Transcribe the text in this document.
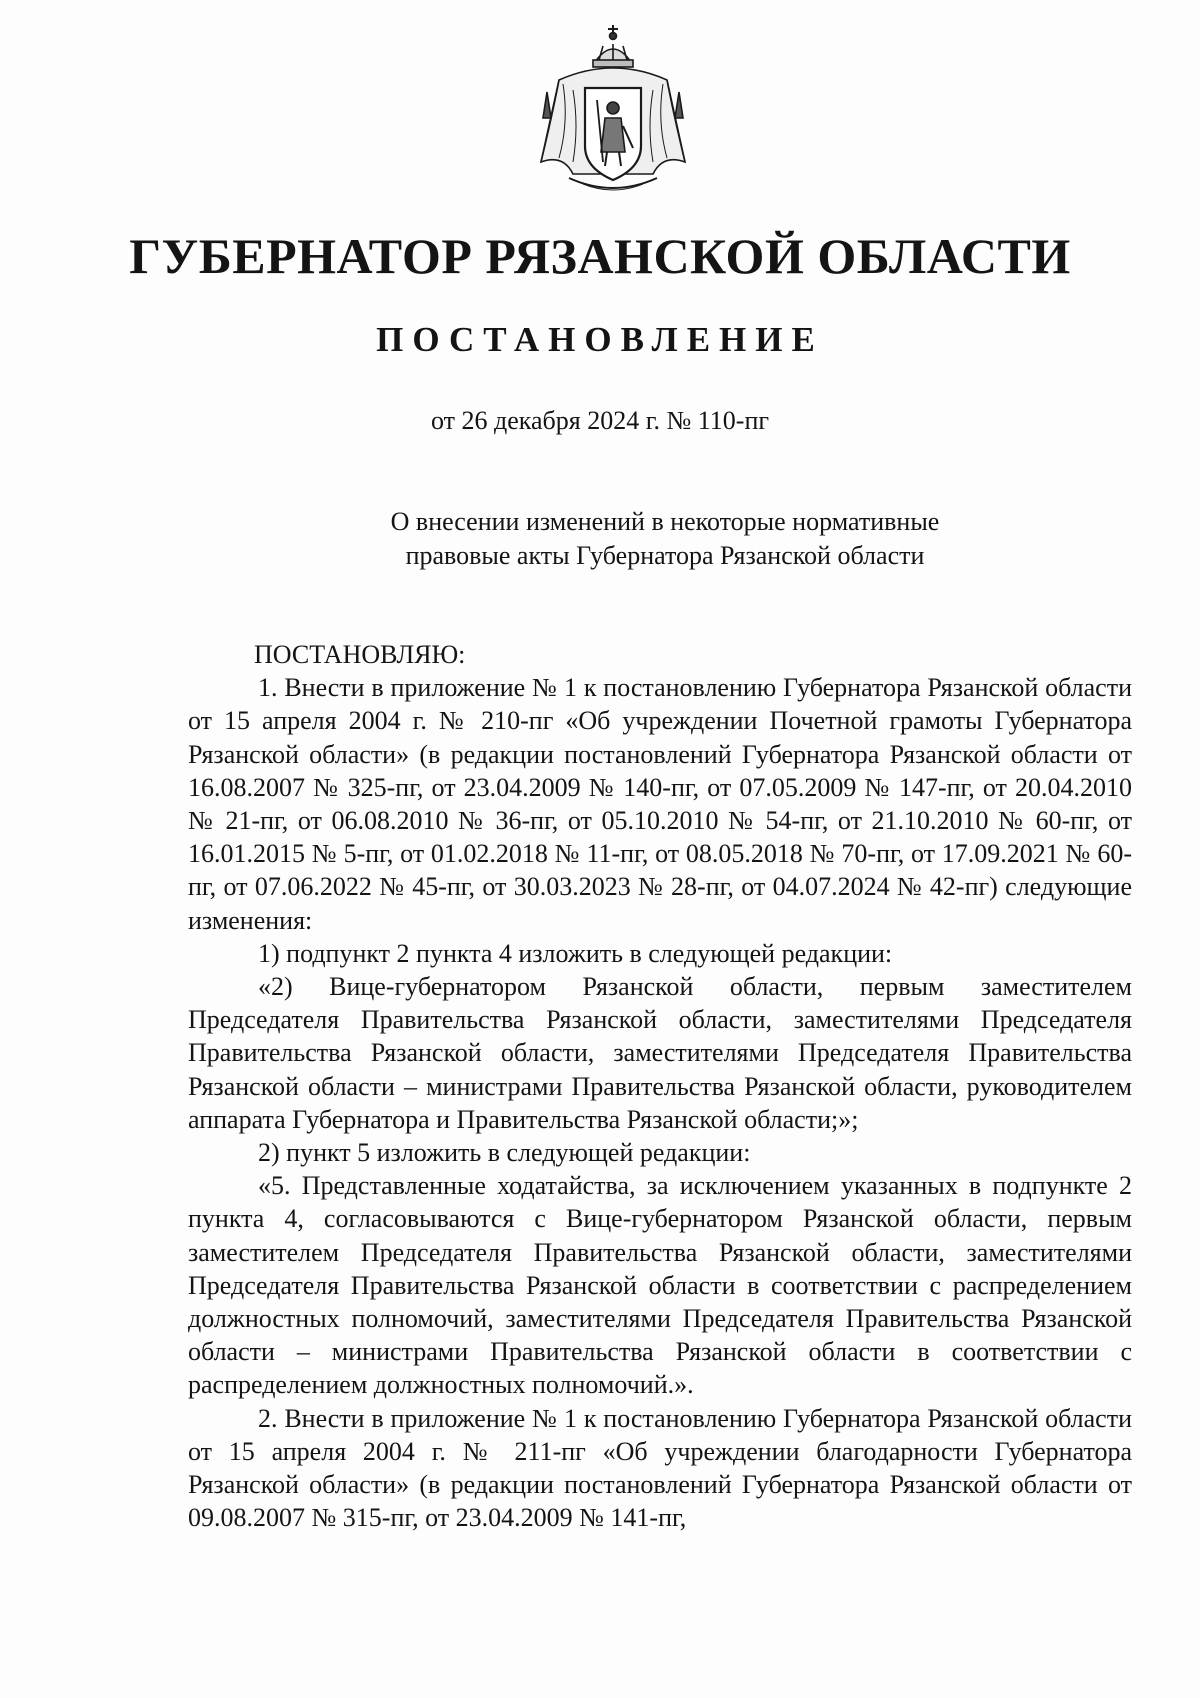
ГУБЕРНАТОР РЯЗАНСКОЙ ОБЛАСТИ
ПОСТАНОВЛЕНИЕ

от 26 декабря 2024 г. № 110-пг

О внесении изменений в некоторые нормативные
правовые акты Губернатора Рязанской области

ПОСТАНОВЛЯЮ:

1. Внести в приложение № 1 к постановлению Губернатора Рязанской области от 15 апреля 2004 г. № 210-пг «Об учреждении Почетной грамоты Губернатора Рязанской области» (в редакции постановлений Губернатора Рязанской области от 16.08.2007 № 325-пг, от 23.04.2009 № 140-пг, от 07.05.2009 № 147-пг, от 20.04.2010 № 21-пг, от 06.08.2010 № 36-пг, от 05.10.2010 № 54-пг, от 21.10.2010 № 60-пг, от 16.01.2015 № 5-пг, от 01.02.2018 № 11-пг, от 08.05.2018 № 70-пг, от 17.09.2021 № 60-пг, от 07.06.2022 № 45-пг, от 30.03.2023 № 28-пг, от 04.07.2024 № 42-пг) следующие изменения:

1) подпункт 2 пункта 4 изложить в следующей редакции:

«2) Вице-губернатором Рязанской области, первым заместителем Председателя Правительства Рязанской области, заместителями Председателя Правительства Рязанской области, заместителями Председателя Правительства Рязанской области – министрами Правительства Рязанской области, руководителем аппарата Губернатора и Правительства Рязанской области;»;

2) пункт 5 изложить в следующей редакции:

«5. Представленные ходатайства, за исключением указанных в подпункте 2 пункта 4, согласовываются с Вице-губернатором Рязанской области, первым заместителем Председателя Правительства Рязанской области, заместителями Председателя Правительства Рязанской области в соответствии с распределением должностных полномочий, заместителями Председателя Правительства Рязанской области – министрами Правительства Рязанской области в соответствии с распределением должностных полномочий.».

2. Внести в приложение № 1 к постановлению Губернатора Рязанской области от 15 апреля 2004 г. № 211-пг «Об учреждении благодарности Губернатора Рязанской области» (в редакции постановлений Губернатора Рязанской области от 09.08.2007 № 315-пг, от 23.04.2009 № 141-пг,
